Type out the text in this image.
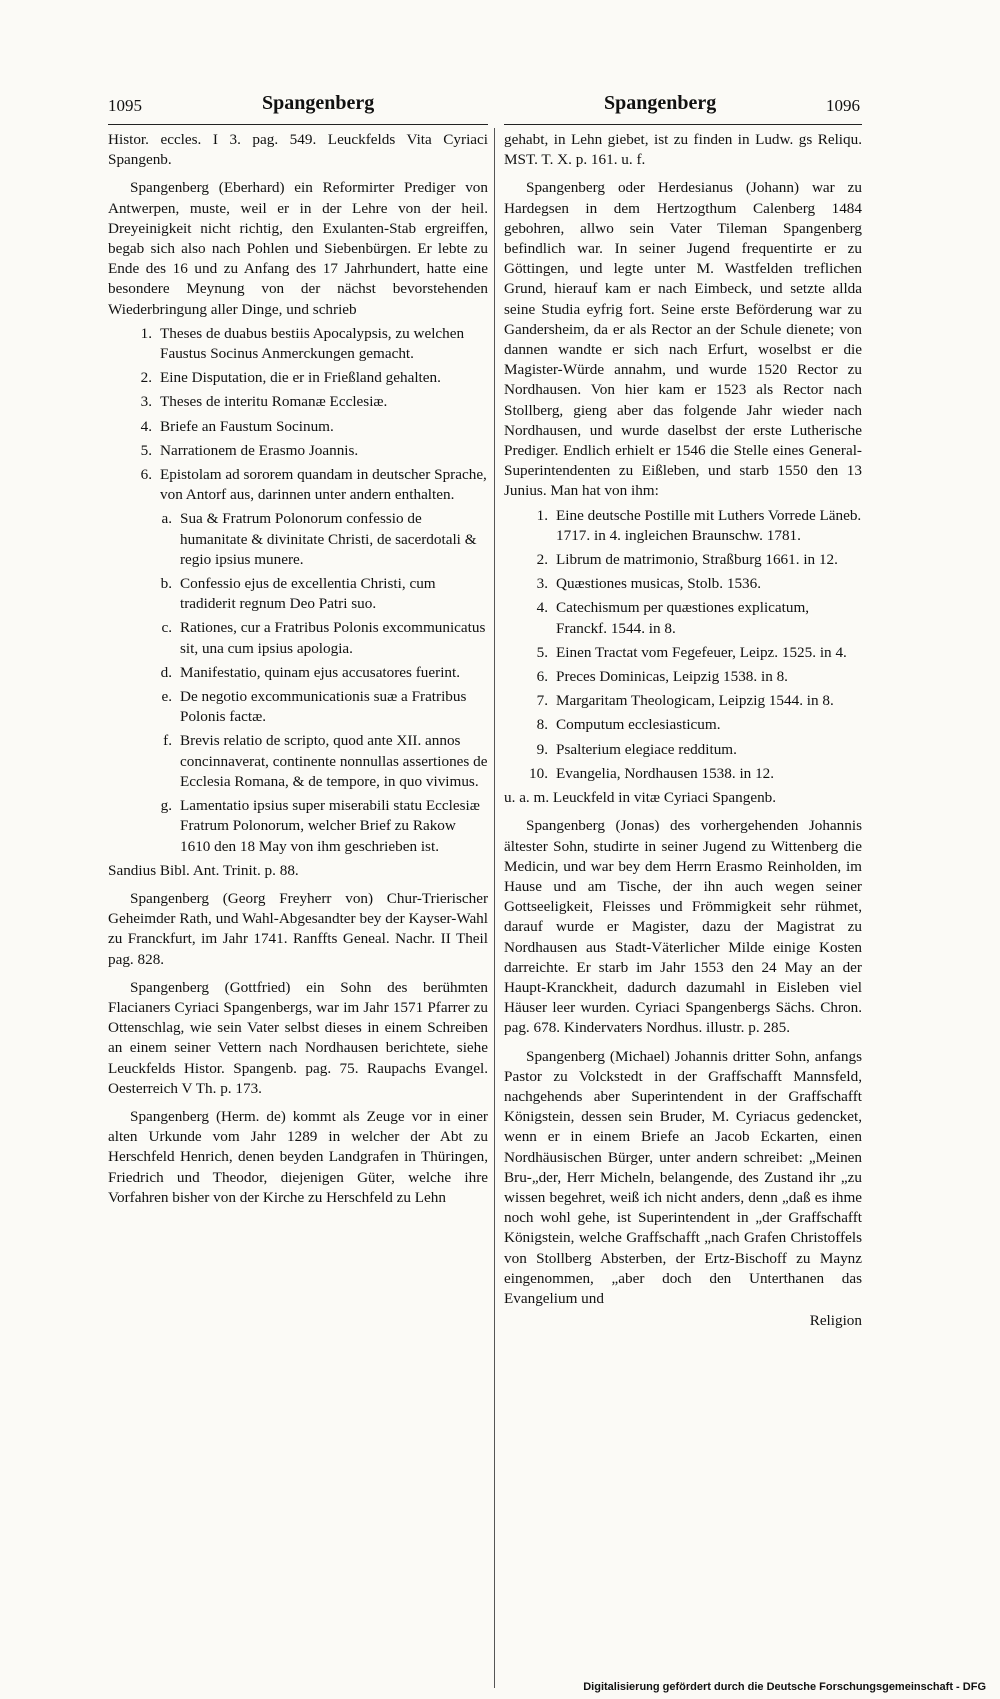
1095	Spangenberg	Spangenberg	1096

Histor. eccles. I 3. pag. 549. Leuckfelds Vita Cyriaci Spangenb.

Spangenberg (Eberhard) ein Reformirter Prediger von Antwerpen, muste, weil er in der Lehre von der heil. Dreyeinigkeit nicht richtig, den Exulanten-Stab ergreiffen, begab sich also nach Pohlen und Siebenbürgen. Er lebte zu Ende des 16 und zu Anfang des 17 Jahrhundert, hatte eine besondere Meynung von der nächst bevorstehenden Wiederbringung aller Dinge, und schrieb

1. Theses de duabus bestiis Apocalypsis, zu welchen Faustus Socinus Anmerckungen gemacht.
2. Eine Disputation, die er in Frießland gehalten.
3. Theses de interitu Romanæ Ecclesiæ.
4. Briefe an Faustum Socinum.
5. Narrationem de Erasmo Joannis.
6. Epistolam ad sororem quandam in deutscher Sprache, von Antorf aus, darinnen unter andern enthalten.
a. Sua & Fratrum Polonorum confessio de humanitate & divinitate Christi, de sacerdotali & regio ipsius munere.
b. Confessio ejus de excellentia Christi, cum tradiderit regnum Deo Patri suo.
c. Rationes, cur a Fratribus Polonis excommunicatus sit, una cum ipsius apologia.
d. Manifestatio, quinam ejus accusatores fuerint.
e. De negotio excommunicationis suæ a Fratribus Polonis factæ.
f. Brevis relatio de scripto, quod ante XII. annos concinnaverat, continente nonnullas assertiones de Ecclesia Romana, & de tempore, in quo vivimus.
g. Lamentatio ipsius super miserabili statu Ecclesiæ Fratrum Polonorum, welcher Brief zu Rakow 1610 den 18 May von ihm geschrieben ist.

Sandius Bibl. Ant. Trinit. p. 88.

Spangenberg (Georg Freyherr von) Chur-Trierischer Geheimder Rath, und Wahl-Abgesandter bey der Kayser-Wahl zu Franckfurt, im Jahr 1741. Ranffts Geneal. Nachr. II Theil pag. 828.

Spangenberg (Gottfried) ein Sohn des berühmten Flacianers Cyriaci Spangenbergs, war im Jahr 1571 Pfarrer zu Ottenschlag, wie sein Vater selbst dieses in einem Schreiben an einem seiner Vettern nach Nordhausen berichtete, siehe Leuckfelds Histor. Spangenb. pag. 75. Raupachs Evangel. Oesterreich V Th. p. 173.

Spangenberg (Herm. de) kommt als Zeuge vor in einer alten Urkunde vom Jahr 1289 in welcher der Abt zu Herschfeld Henrich, denen beyden Landgrafen in Thüringen, Friedrich und Theodor, diejenigen Güter, welche ihre Vorfahren bisher von der Kirche zu Herschfeld zu Lehn

gehabt, in Lehn giebet, ist zu finden in Ludw. gs Reliqu. MST. T. X. p. 161. u. f.

Spangenberg oder Herdesianus (Johann) war zu Hardegsen in dem Hertzogthum Calenberg 1484 gebohren, allwo sein Vater Tileman Spangenberg befindlich war. In seiner Jugend frequentirte er zu Göttingen, und legte unter M. Wastfelden treflichen Grund, hierauf kam er nach Eimbeck, und setzte allda seine Studia eyfrig fort. Seine erste Beförderung war zu Gandersheim, da er als Rector an der Schule dienete; von dannen wandte er sich nach Erfurt, woselbst er die Magister-Würde annahm, und wurde 1520 Rector zu Nordhausen. Von hier kam er 1523 als Rector nach Stollberg, gieng aber das folgende Jahr wieder nach Nordhausen, und wurde daselbst der erste Lutherische Prediger. Endlich erhielt er 1546 die Stelle eines General-Superintendenten zu Eißleben, und starb 1550 den 13 Junius. Man hat von ihm:

1. Eine deutsche Postille mit Luthers Vorrede Läneb. 1717. in 4. ingleichen Braunschw. 1781.
2. Librum de matrimonio, Straßburg 1661. in 12.
3. Quæstiones musicas, Stolb. 1536.
4. Catechismum per quæstiones explicatum, Franckf. 1544. in 8.
5. Einen Tractat vom Fegefeuer, Leipz. 1525. in 4.
6. Preces Dominicas, Leipzig 1538. in 8.
7. Margaritam Theologicam, Leipzig 1544. in 8.
8. Computum ecclesiasticum.
9. Psalterium elegiace redditum.
10. Evangelia, Nordhausen 1538. in 12.

u. a. m. Leuckfeld in vitæ Cyriaci Spangenb.

Spangenberg (Jonas) des vorhergehenden Johannis ältester Sohn, studirte in seiner Jugend zu Wittenberg die Medicin, und war bey dem Herrn Erasmo Reinholden, im Hause und am Tische, der ihn auch wegen seiner Gottseeligkeit, Fleisses und Frömmigkeit sehr rühmet, darauf wurde er Magister, dazu der Magistrat zu Nordhausen aus Stadt-Väterlicher Milde einige Kosten darreichte. Er starb im Jahr 1553 den 24 May an der Haupt-Kranckheit, dadurch dazumahl in Eisleben viel Häuser leer wurden. Cyriaci Spangenbergs Sächs. Chron. pag. 678. Kindervaters Nordhus. illustr. p. 285.

Spangenberg (Michael) Johannis dritter Sohn, anfangs Pastor zu Volckstedt in der Graffschafft Mannsfeld, nachgehends aber Superintendent in der Graffschafft Königstein, dessen sein Bruder, M. Cyriacus gedencket, wenn er in einem Briefe an Jacob Eckarten, einen Nordhäusischen Bürger, unter andern schreibet: „Meinen Bru-„der, Herr Micheln, belangende, des Zustand ihr „zu wissen begehret, weiß ich nicht anders, denn „daß es ihme noch wohl gehe, ist Superintendent in „der Graffschafft Königstein, welche Graffschafft „nach Grafen Christoffels von Stollberg Absterben, der Ertz-Bischoff zu Maynz eingenommen, „aber doch den Unterthanen das Evangelium und

Religion

Digitalisierung gefördert durch die Deutsche Forschungsgemeinschaft - DFG
